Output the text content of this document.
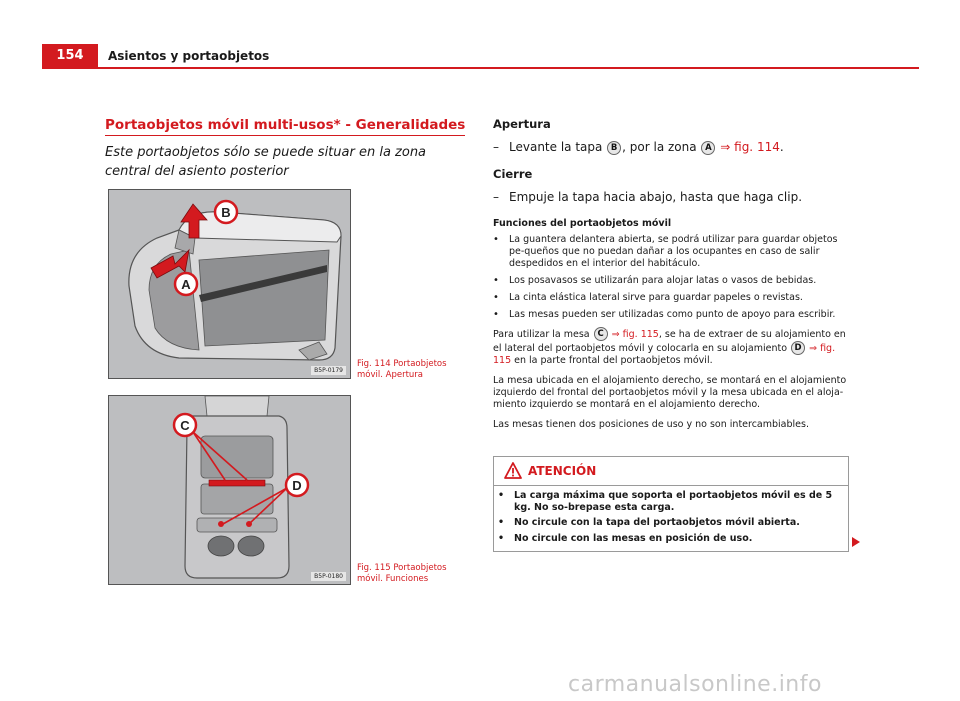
154	Asientos y portaobjetos
Portaobjetos móvil multi-usos* - Generalidades
Este portaobjetos sólo se puede situar en la zona central del asiento posterior
B
A
B5P-0179
Fig. 114 Portaobjetos móvil. Apertura
C
D
B5P-0180
Fig. 115 Portaobjetos móvil. Funciones

Apertura

– Levante la tapa B , por la zona A ⇒ fig. 114.

Cierre

– Empuje la tapa hacia abajo, hasta que haga clip.

Funciones del portaobjetos móvil

• La guantera delantera abierta, se podrá utilizar para guardar objetos pe-queños que no puedan dañar a los ocupantes en caso de salir despedidos en el interior del habitáculo.
• Los posavasos se utilizarán para alojar latas o vasos de bebidas.
• La cinta elástica lateral sirve para guardar papeles o revistas.
• Las mesas pueden ser utilizadas como punto de apoyo para escribir.

Para utilizar la mesa C ⇒ fig. 115, se ha de extraer de su alojamiento en el lateral del portaobjetos móvil y colocarla en su alojamiento D ⇒ fig. 115 en la parte frontal del portaobjetos móvil.

La mesa ubicada en el alojamiento derecho, se montará en el alojamiento izquierdo del frontal del portaobjetos móvil y la mesa ubicada en el aloja-miento izquierdo se montará en el alojamiento derecho.

Las mesas tienen dos posiciones de uso y no son intercambiables.

ATENCIÓN
• La carga máxima que soporta el portaobjetos móvil es de 5 kg. No so-brepase esta carga.
• No circule con la tapa del portaobjetos móvil abierta.
• No circule con las mesas en posición de uso.
carmanualsonline.info
